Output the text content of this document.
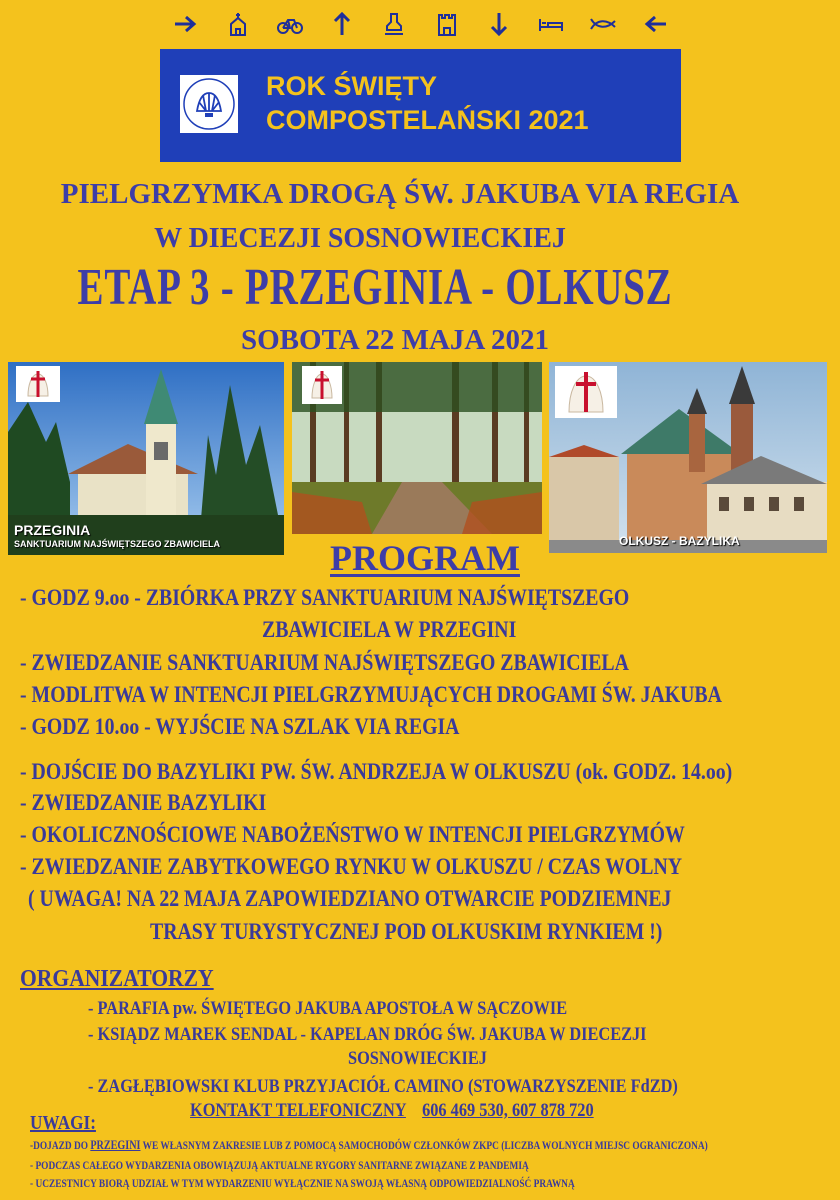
ROK ŚWIĘTY
COMPOSTELAŃSKI 2021
PIELGRZYMKA DROGĄ ŚW. JAKUBA VIA REGIA
W DIECEZJI SOSNOWIECKIEJ
ETAP 3 - PRZEGINIA - OLKUSZ
SOBOTA 22 MAJA 2021
PRZEGINIA
SANKTUARIUM NAJŚWIĘTSZEGO ZBAWICIELA	OLKUSZ - BAZYLIKA
PROGRAM
- GODZ 9.oo - ZBIÓRKA PRZY SANKTUARIUM NAJŚWIĘTSZEGO
ZBAWICIELA W PRZEGINI
- ZWIEDZANIE SANKTUARIUM NAJŚWIĘTSZEGO ZBAWICIELA
- MODLITWA W INTENCJI PIELGRZYMUJĄCYCH DROGAMI ŚW. JAKUBA
- GODZ 10.oo - WYJŚCIE NA SZLAK VIA REGIA
- DOJŚCIE DO BAZYLIKI PW. ŚW. ANDRZEJA W OLKUSZU (ok. GODZ. 14.oo)
- ZWIEDZANIE BAZYLIKI
- OKOLICZNOŚCIOWE NABOŻEŃSTWO W INTENCJI PIELGRZYMÓW
- ZWIEDZANIE ZABYTKOWEGO RYNKU W OLKUSZU / CZAS WOLNY
( UWAGA! NA 22 MAJA ZAPOWIEDZIANO OTWARCIE PODZIEMNEJ
TRASY TURYSTYCZNEJ POD OLKUSKIM RYNKIEM !)
ORGANIZATORZY
- PARAFIA pw. ŚWIĘTEGO JAKUBA APOSTOŁA W SĄCZOWIE
- KSIĄDZ MAREK SENDAL - KAPELAN DRÓG ŚW. JAKUBA W DIECEZJI
SOSNOWIECKIEJ
- ZAGŁĘBIOWSKI KLUB PRZYJACIÓŁ CAMINO (STOWARZYSZENIE FdZD)
KONTAKT TELEFONICZNY 606 469 530, 607 878 720
UWAGI:
-DOJAZD DO PRZEGINI WE WŁASNYM ZAKRESIE LUB Z POMOCĄ SAMOCHODÓW CZŁONKÓW ZKPC (LICZBA WOLNYCH MIEJSC OGRANICZONA)
- PODCZAS CAŁEGO WYDARZENIA OBOWIĄZUJĄ AKTUALNE RYGORY SANITARNE ZWIĄZANE Z PANDEMIĄ
- UCZESTNICY BIORĄ UDZIAŁ W TYM WYDARZENIU WYŁĄCZNIE NA SWOJĄ WŁASNĄ ODPOWIEDZIALNOŚĆ PRAWNĄ
